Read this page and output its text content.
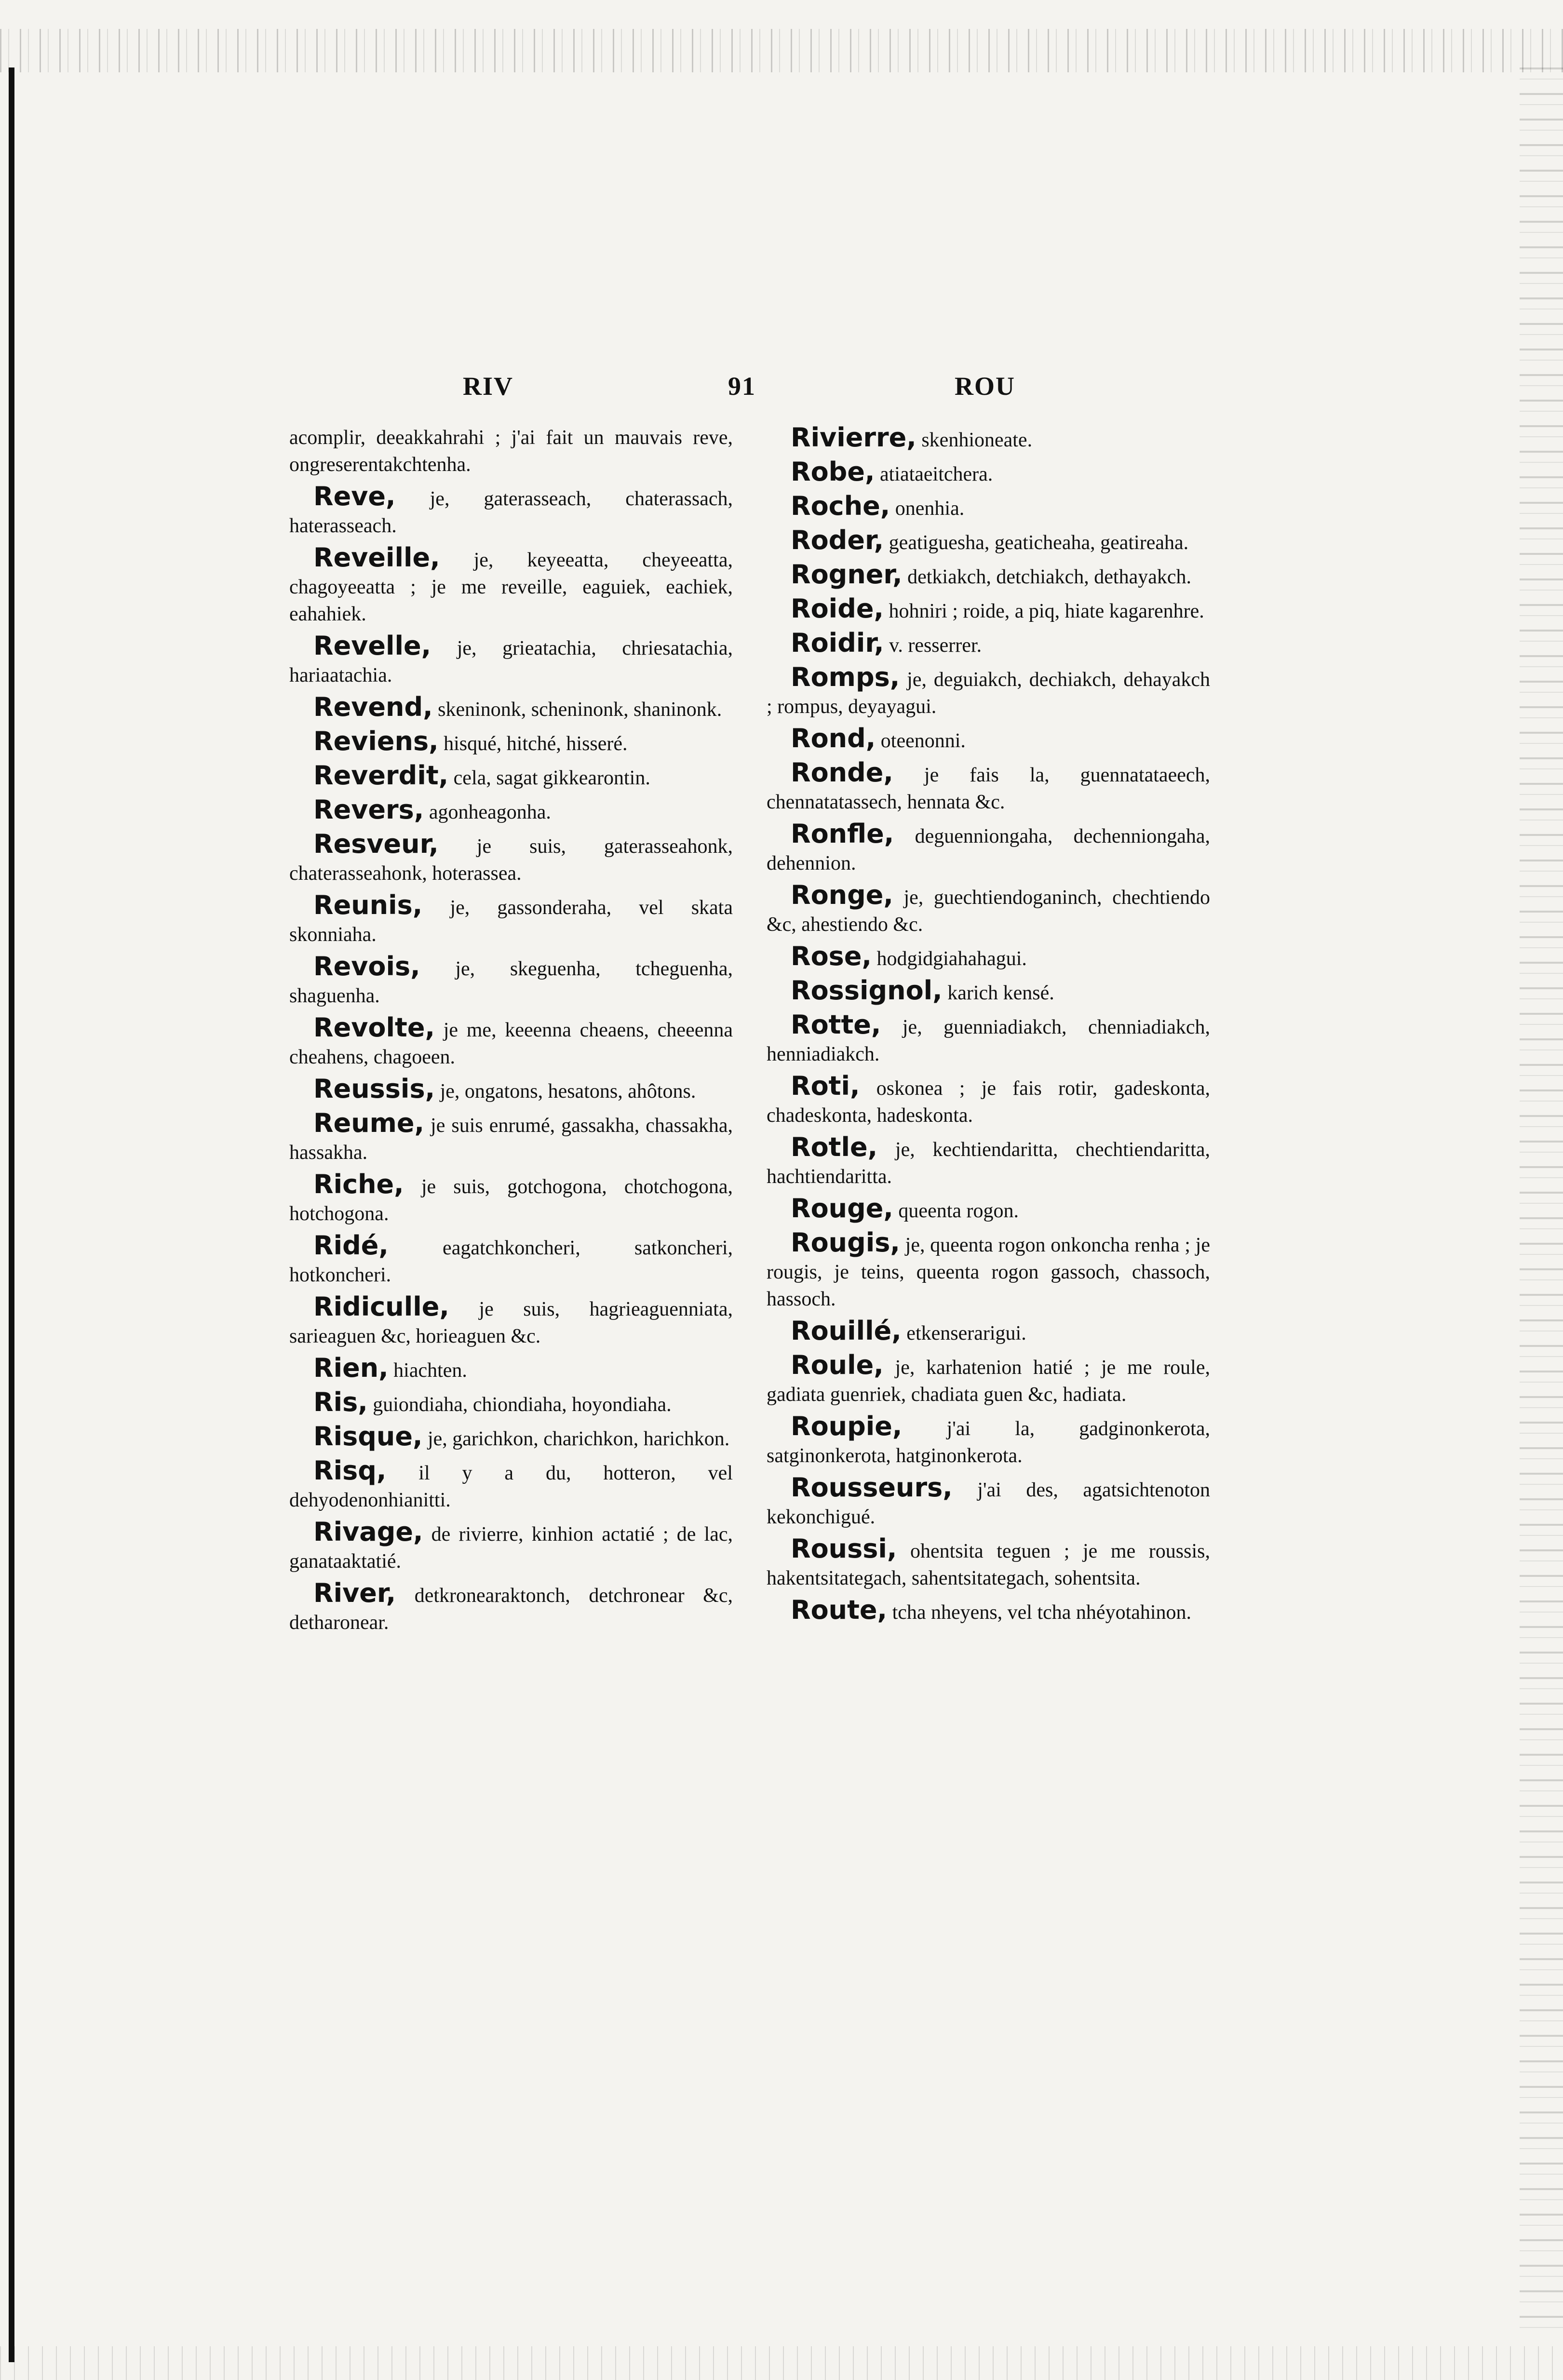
RIV	91	ROU

acomplir, deeakkahrahi ; j'ai fait un mauvais reve, ongreserentakchtenha.

Reve, je, gaterasseach, chaterassach, haterasseach.

Reveille, je, keyeeatta, cheyeeatta, chagoyeeatta ; je me reveille, eaguiek, eachiek, eahahiek.

Revelle, je, grieatachia, chriesatachia, hariaatachia.

Revend, skeninonk, scheninonk, shaninonk.

Reviens, hisqué, hitché, hisseré.

Reverdit, cela, sagat gikkearontin.

Revers, agonheagonha.

Resveur, je suis, gaterasseahonk, chaterasseahonk, hoterassea.

Reunis, je, gassonderaha, vel skata skonniaha.

Revois, je, skeguenha, tcheguenha, shaguenha.

Revolte, je me, keeenna cheaens, cheeenna cheahens, chagoeen.

Reussis, je, ongatons, hesatons, ahôtons.

Reume, je suis enrumé, gassakha, chassakha, hassakha.

Riche, je suis, gotchogona, chotchogona, hotchogona.

Ridé, eagatchkoncheri, satkoncheri, hotkoncheri.

Ridiculle, je suis, hagrieaguenniata, sarieaguen &c, horieaguen &c.

Rien, hiachten.

Ris, guiondiaha, chiondiaha, hoyondiaha.

Risque, je, garichkon, charichkon, harichkon.

Risq, il y a du, hotteron, vel dehyodenonhianitti.

Rivage, de rivierre, kinhion actatié ; de lac, ganataaktatié.

River, detkronearaktonch, detchronear &c, detharonear.

Rivierre, skenhioneate.

Robe, atiataeitchera.

Roche, onenhia.

Roder, geatiguesha, geaticheaha, geatireaha.

Rogner, detkiakch, detchiakch, dethayakch.

Roide, hohniri ; roide, a piq, hiate kagarenhre.

Roidir, v. resserrer.

Romps, je, deguiakch, dechiakch, dehayakch ; rompus, deyayagui.

Rond, oteenonni.

Ronde, je fais la, guennatataeech, chennatatassech, hennata &c.

Ronfle, deguenniongaha, dechenniongaha, dehennion.

Ronge, je, guechtiendoganinch, chechtiendo &c, ahestiendo &c.

Rose, hodgidgiahahagui.

Rossignol, karich kensé.

Rotte, je, guenniadiakch, chenniadiakch, henniadiakch.

Roti, oskonea ; je fais rotir, gadeskonta, chadeskonta, hadeskonta.

Rotle, je, kechtiendaritta, chechtiendaritta, hachtiendaritta.

Rouge, queenta rogon.

Rougis, je, queenta rogon onkoncha renha ; je rougis, je teins, queenta rogon gassoch, chassoch, hassoch.

Rouillé, etkenserarigui.

Roule, je, karhatenion hatié ; je me roule, gadiata guenriek, chadiata guen &c, hadiata.

Roupie, j'ai la, gadginonkerota, satginonkerota, hatginonkerota.

Rousseurs, j'ai des, agatsichtenoton kekonchigué.

Roussi, ohentsita teguen ; je me roussis, hakentsitategach, sahentsitategach, sohentsita.

Route, tcha nheyens, vel tcha nhéyotahinon.
